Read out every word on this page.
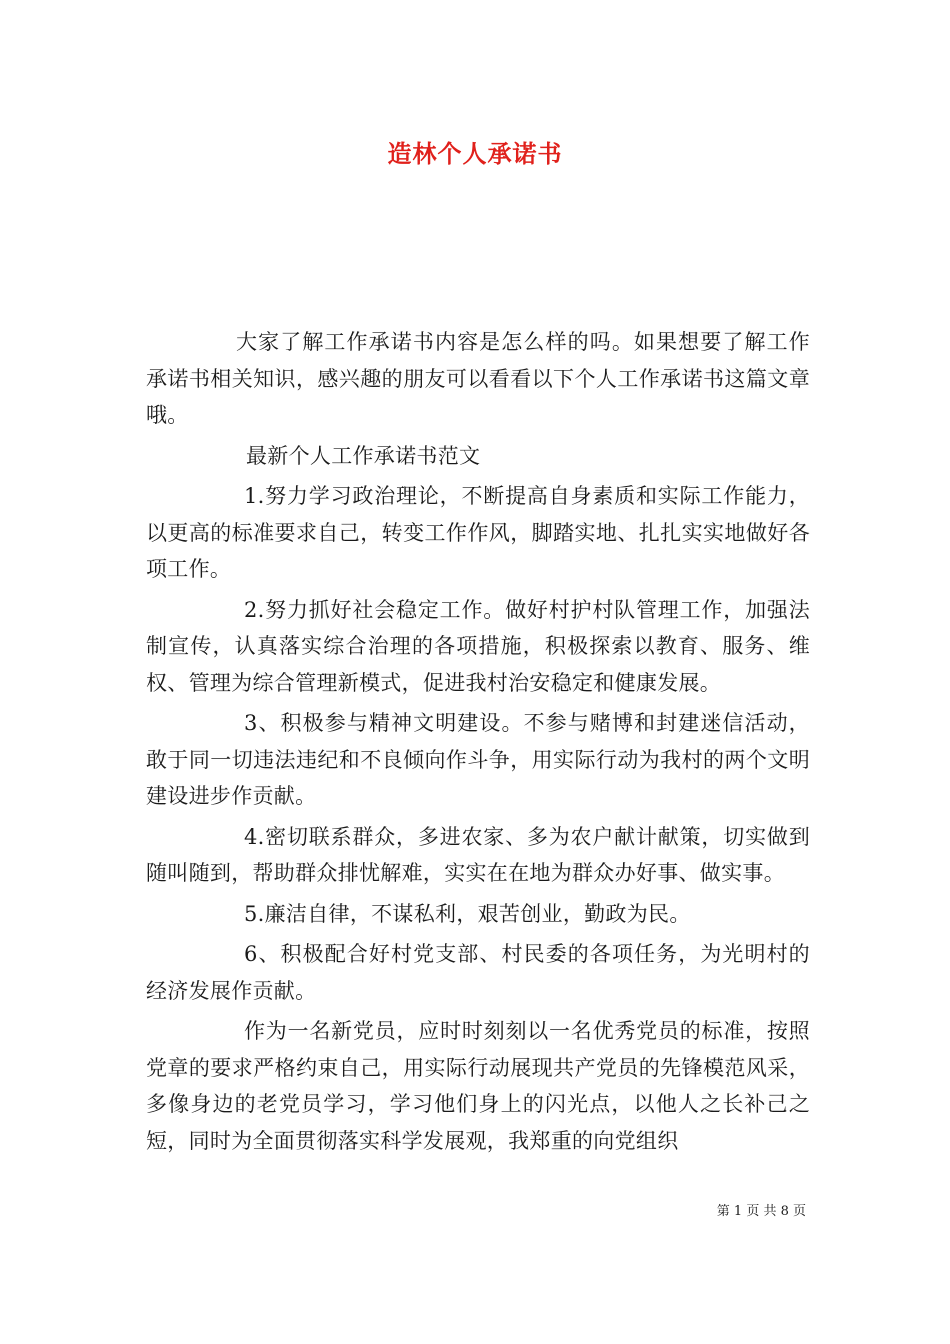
造林个人承诺书

大家了解工作承诺书内容是怎么样的吗。如果想要了解工作承诺书相关知识，感兴趣的朋友可以看看以下个人工作承诺书这篇文章哦。

最新个人工作承诺书范文

1.努力学习政治理论，不断提高自身素质和实际工作能力，以更高的标准要求自己，转变工作作风，脚踏实地、扎扎实实地做好各项工作。

2.努力抓好社会稳定工作。做好村护村队管理工作，加强法制宣传，认真落实综合治理的各项措施，积极探索以教育、服务、维权、管理为综合管理新模式，促进我村治安稳定和健康发展。

3、积极参与精神文明建设。不参与赌博和封建迷信活动，敢于同一切违法违纪和不良倾向作斗争，用实际行动为我村的两个文明建设进步作贡献。

4.密切联系群众，多进农家、多为农户献计献策，切实做到随叫随到，帮助群众排忧解难，实实在在地为群众办好事、做实事。

5.廉洁自律，不谋私利，艰苦创业，勤政为民。

6、积极配合好村党支部、村民委的各项任务，为光明村的经济发展作贡献。

作为一名新党员，应时时刻刻以一名优秀党员的标准，按照党章的要求严格约束自己，用实际行动展现共产党员的先锋模范风采，多像身边的老党员学习，学习他们身上的闪光点，以他人之长补己之短，同时为全面贯彻落实科学发展观，我郑重的向党组织

第 1 页 共 8 页
